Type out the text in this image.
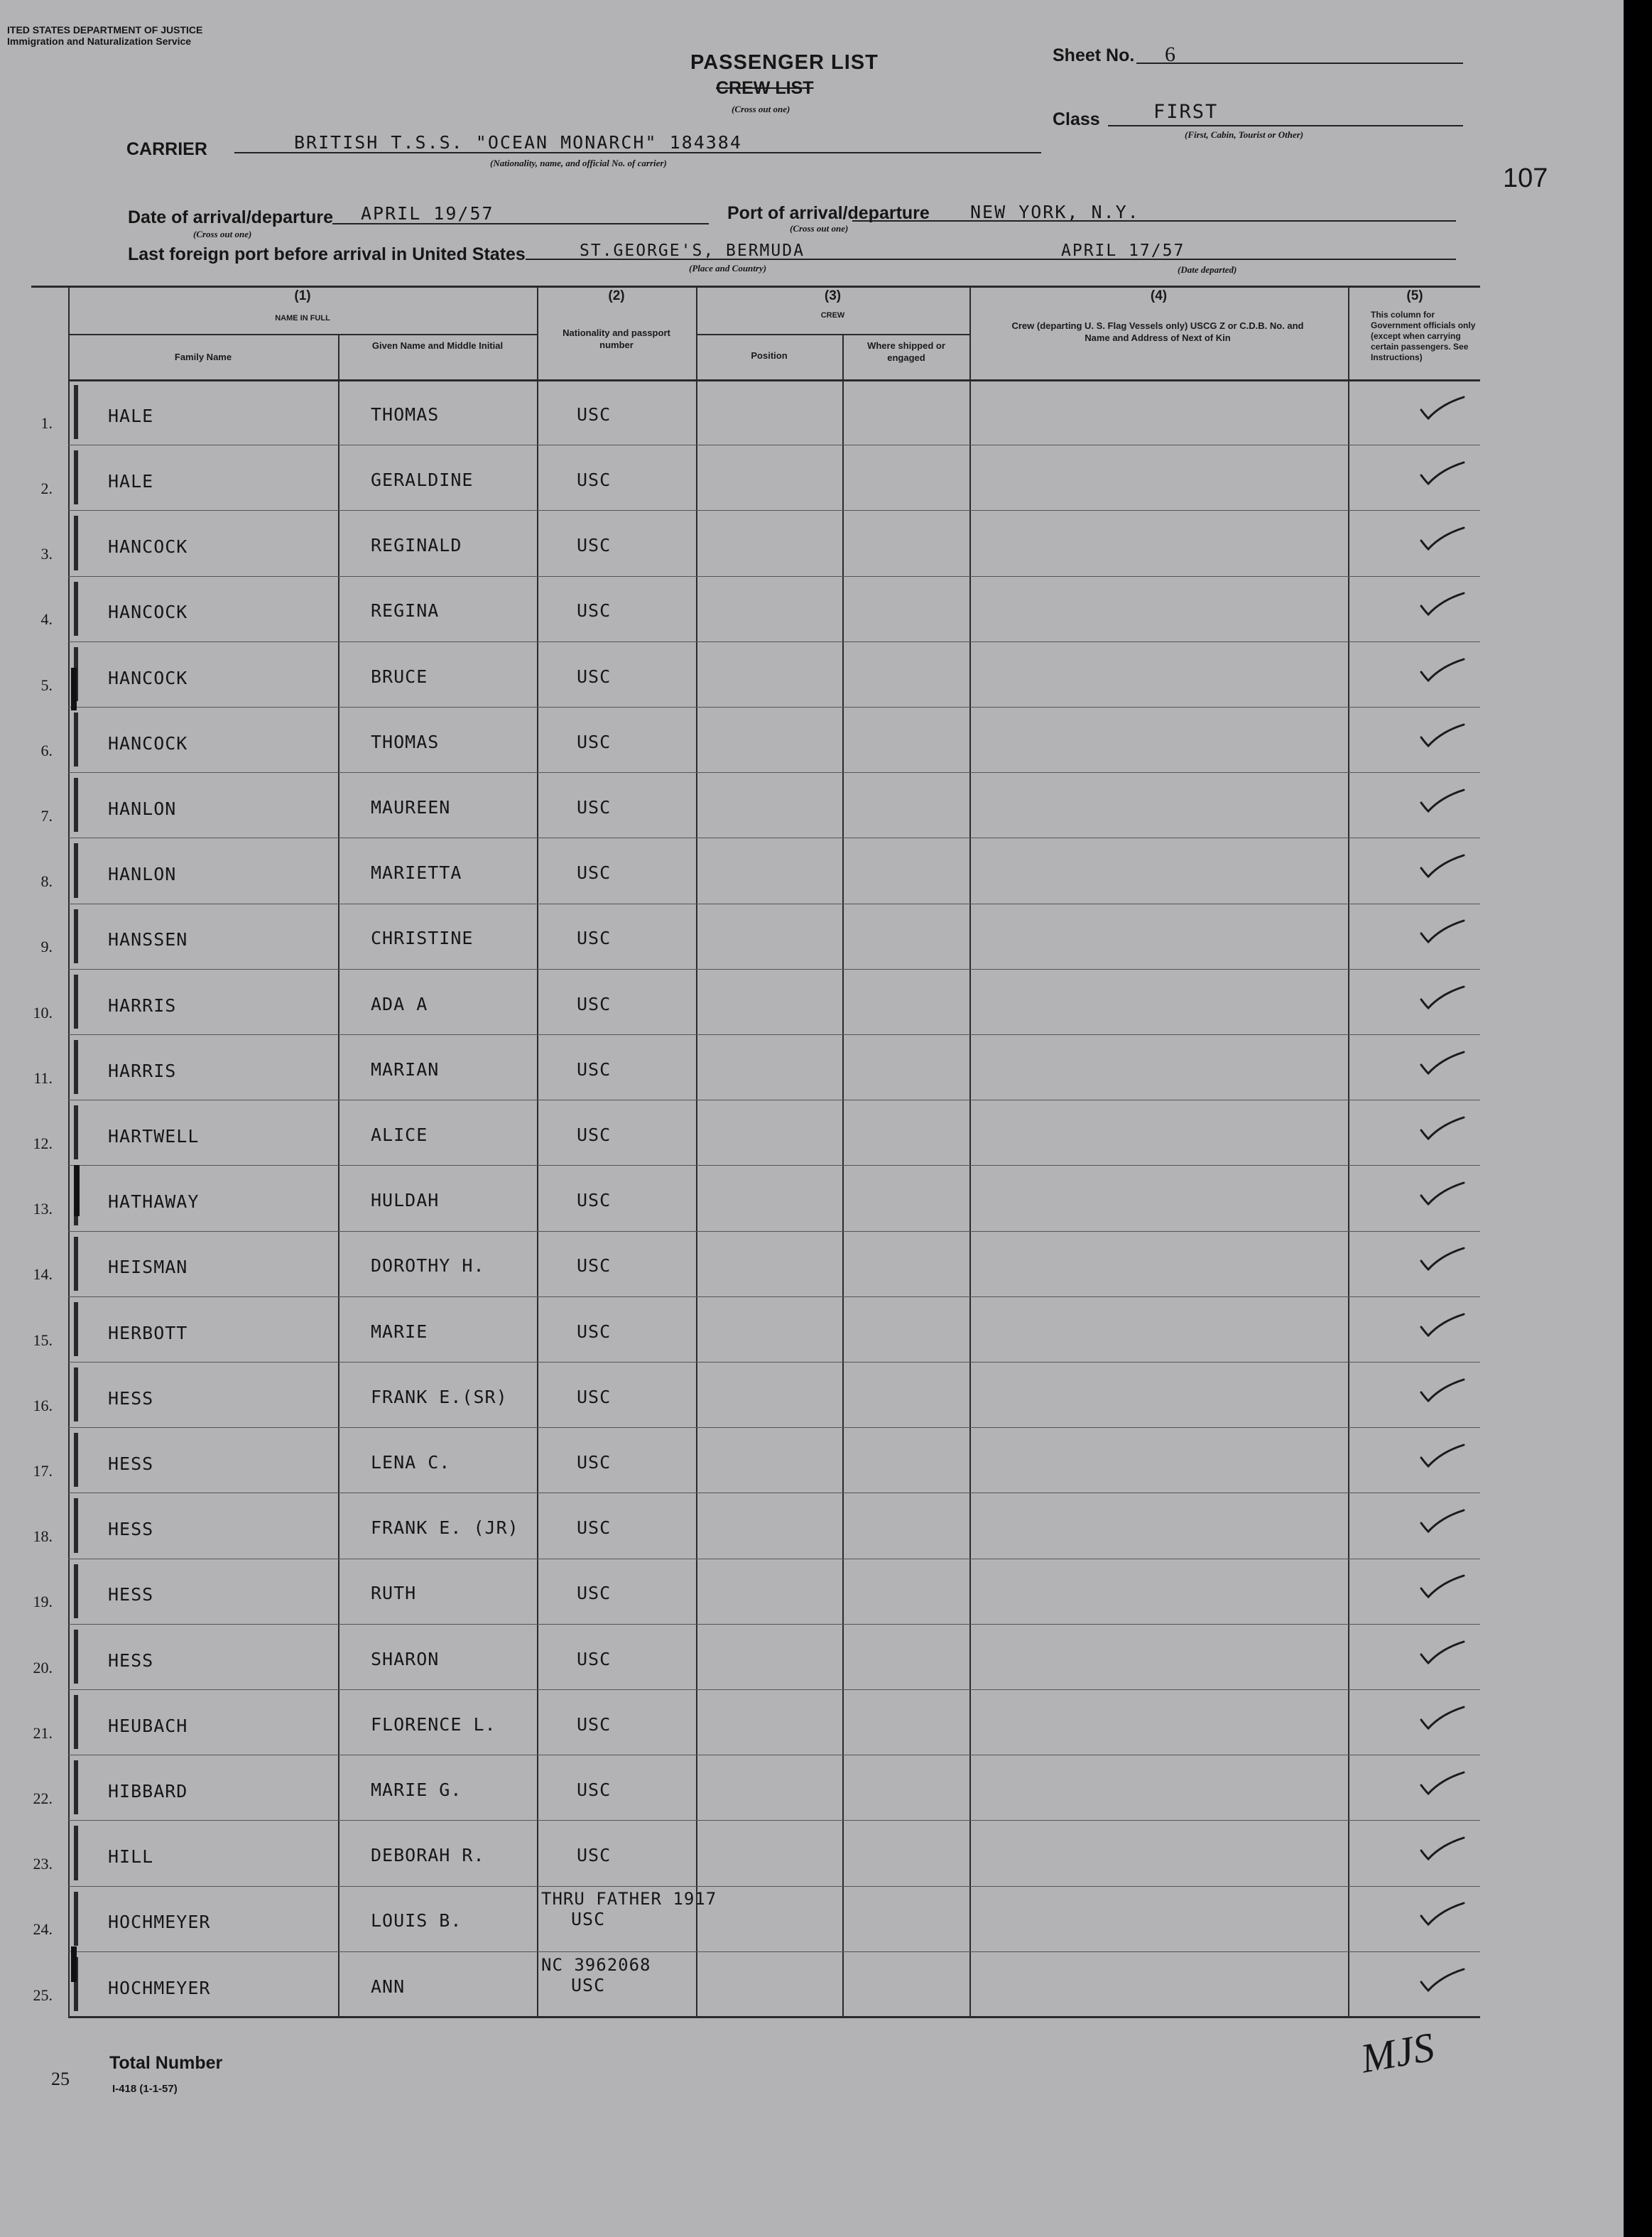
ITED STATES DEPARTMENT OF JUSTICE
Immigration and Naturalization Service
PASSENGER LIST
CREW LIST
(Cross out one)
Sheet No. 6
Class	FIRST
(First, Cabin, Tourist or Other)
107
CARRIER	BRITISH T.S.S. "OCEAN MONARCH" 184384
(Nationality, name, and official No. of carrier)
Date of arrival/departure APRIL 19/57
(Cross out one)
Port of arrival/departure NEW YORK, N.Y.
(Cross out one)
Last foreign port before arrival in United States	ST.GEORGE'S, BERMUDA
(Place and Country)
APRIL 17/57
(Date departed)
(1)
NAME IN FULL
Family Name
Given Name and Middle Initial
(2)
Nationality and passport number
(3)
CREW
Position
Where shipped or engaged
(4)
Crew (departing U. S. Flag Vessels only) USCG Z or C.D.B. No. and Name and Address of Next of Kin
(5)
This column for Government officials only (except when carrying certain passengers. See Instructions)
1.	HALE	THOMAS	USC
2.	HALE	GERALDINE	USC
3.	HANCOCK	REGINALD	USC
4.	HANCOCK	REGINA	USC
5.	HANCOCK	BRUCE	USC
6.	HANCOCK	THOMAS	USC
7.	HANLON	MAUREEN	USC
8.	HANLON	MARIETTA	USC
9.	HANSSEN	CHRISTINE	USC
10.	HARRIS	ADA A	USC
11.	HARRIS	MARIAN	USC
12.	HARTWELL	ALICE	USC
13.	HATHAWAY	HULDAH	USC
14.	HEISMAN	DOROTHY H.	USC
15.	HERBOTT	MARIE	USC
16.	HESS	FRANK E.(SR)	USC
17.	HESS	LENA C.	USC
18.	HESS	FRANK E. (JR)	USC
19.	HESS	RUTH	USC
20.	HESS	SHARON	USC
21.	HEUBACH	FLORENCE L.	USC
22.	HIBBARD	MARIE G.	USC
23.	HILL	DEBORAH R.	USC
24.	HOCHMEYER	LOUIS B.
THRU FATHER 1917
USC
25.	HOCHMEYER	ANN
NC 3962068
USC
25
Total Number
I-418 (1-1-57)
MJS
